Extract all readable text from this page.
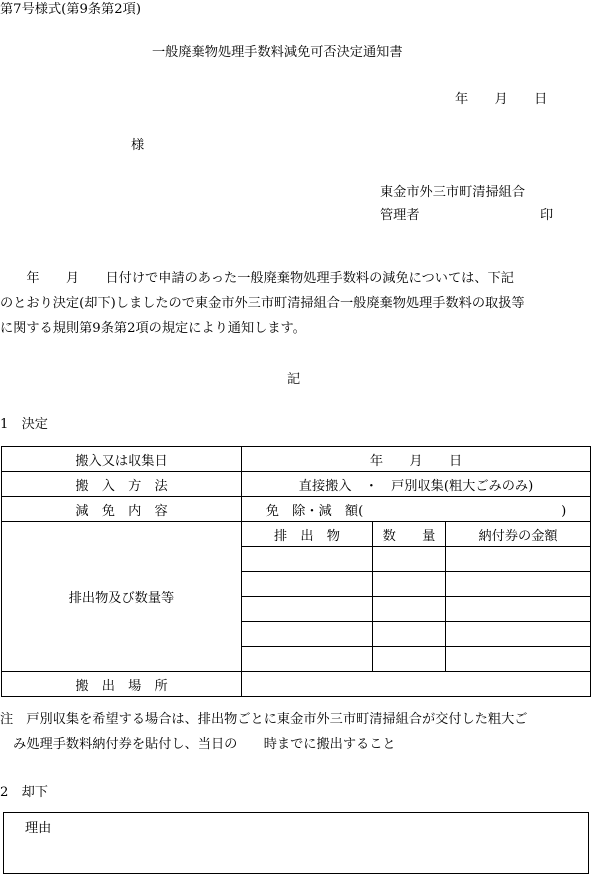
第7号様式(第9条第2項)
一般廃棄物処理手数料減免可否決定通知書
年　　月　　日
様
東金市外三市町清掃組合
管理者	印
　　年　　月　　日付けで申請のあった一般廃棄物処理手数料の減免については、下記
のとおり決定(却下)しましたので東金市外三市町清掃組合一般廃棄物処理手数料の取扱等
に関する規則第9条第2項の規定により通知します。
記
1　決定
搬入又は収集日	年　　月　　日		
搬　入　方　法	直接搬入　・　戸別収集(粗大ごみのみ)		
減　免　内　容	免　除・減　額(　　　　　　　　　　　　　　　)		
排出物及び数量等	排　出　物	数　　量	納付券の金額

搬　出　場　所			
注　戸別収集を希望する場合は、排出物ごとに東金市外三市町清掃組合が交付した粗大ご
　み処理手数料納付券を貼付し、当日の　　時までに搬出すること
2　却下
理由
